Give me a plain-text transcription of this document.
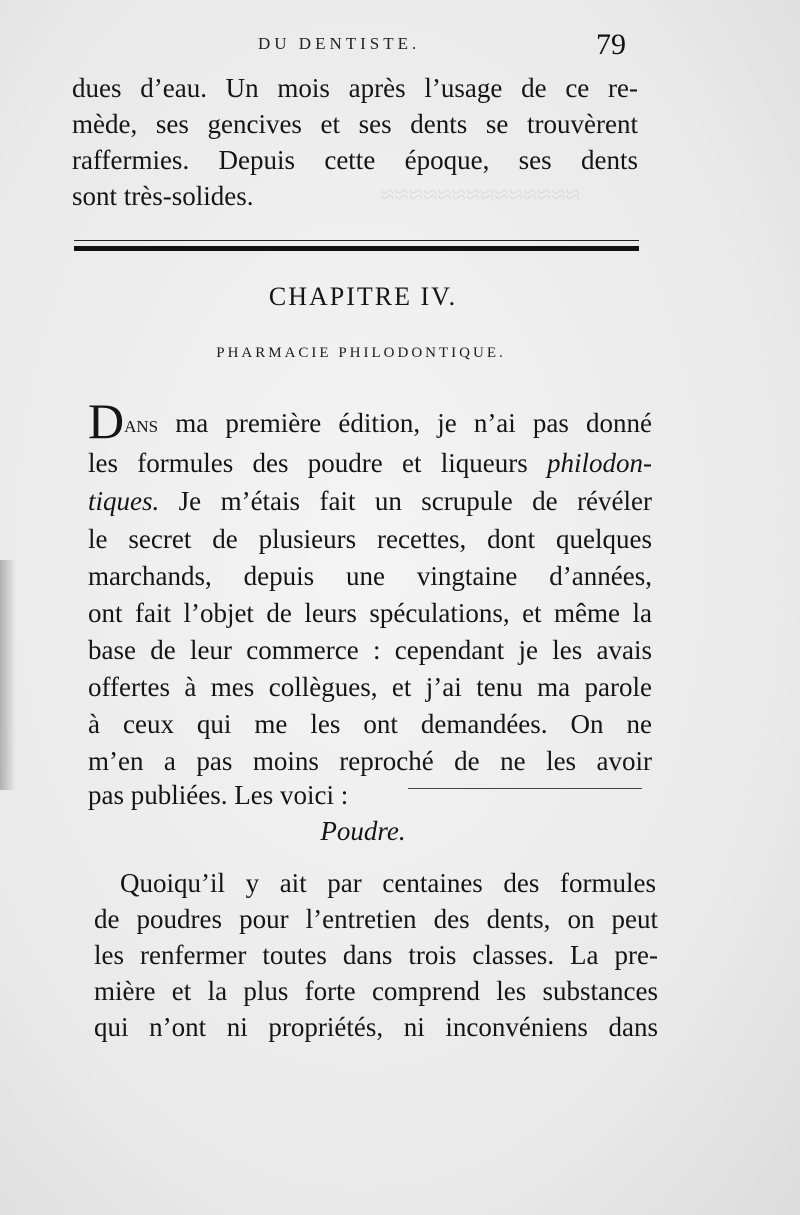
≈≈≈≈≈≈≈≈≈≈≈≈≈≈
DU DENTISTE.	79
dues d’eau. Un mois après l’usage de ce re-
mède, ses gencives et ses dents se trouvèrent
raffermies. Depuis cette époque, ses dents
sont très-solides.
CHAPITRE IV.
PHARMACIE PHILODONTIQUE.
Dans ma première édition, je n’ai pas donné
les formules des poudre et liqueurs philodon-
tiques. Je m’étais fait un scrupule de révéler
le secret de plusieurs recettes, dont quelques
marchands, depuis une vingtaine d’années,
ont fait l’objet de leurs spéculations, et même la
base de leur commerce : cependant je les avais
offertes à mes collègues, et j’ai tenu ma parole
à ceux qui me les ont demandées. On ne
m’en a pas moins reproché de ne les avoir
pas publiées. Les voici :
Poudre.
Quoiqu’il y ait par centaines des formules
de poudres pour l’entretien des dents, on peut
les renfermer toutes dans trois classes. La pre-
mière et la plus forte comprend les substances
qui n’ont ni propriétés, ni inconvéniens dans
